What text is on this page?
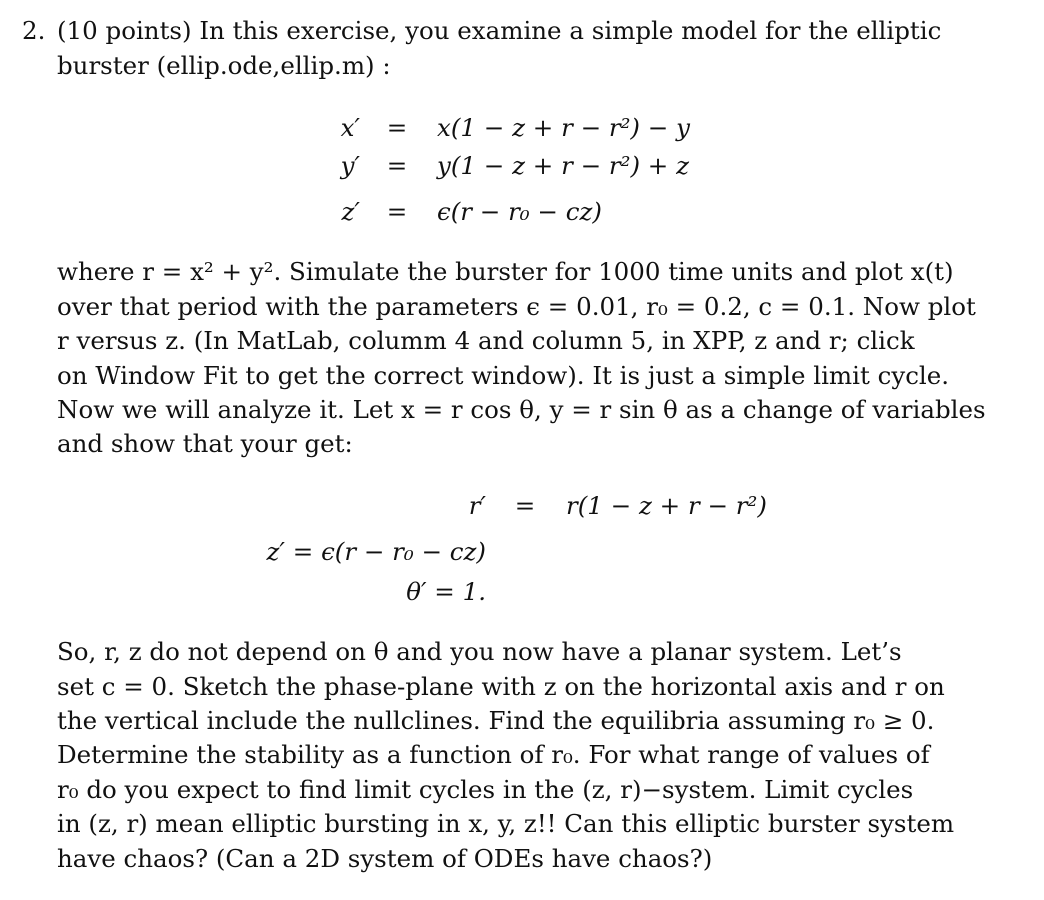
2. (10 points) In this exercise, you examine a simple model for the elliptic
burster (ellip.ode,ellip.m) :
x′ = x(1 − z + r − r²) − y
y′ = y(1 − z + r − r²) + z
z′ = ϵ(r − r₀ − cz)
where r = x² + y². Simulate the burster for 1000 time units and plot x(t)
over that period with the parameters ϵ = 0.01, r₀ = 0.2, c = 0.1. Now plot
r versus z. (In MatLab, columm 4 and column 5, in XPP, z and r; click
on Window Fit to get the correct window). It is just a simple limit cycle.
Now we will analyze it. Let x = r cos θ, y = r sin θ as a change of variables
and show that your get:
r′ = r(1 − z + r − r²)
z′ = ϵ(r − r₀ − cz)
θ′ = 1.
So, r, z do not depend on θ and you now have a planar system. Let’s
set c = 0. Sketch the phase-plane with z on the horizontal axis and r on
the vertical include the nullclines. Find the equilibria assuming r₀ ≥ 0.
Determine the stability as a function of r₀. For what range of values of
r₀ do you expect to find limit cycles in the (z, r)−system. Limit cycles
in (z, r) mean elliptic bursting in x, y, z!! Can this elliptic burster system
have chaos? (Can a 2D system of ODEs have chaos?)
